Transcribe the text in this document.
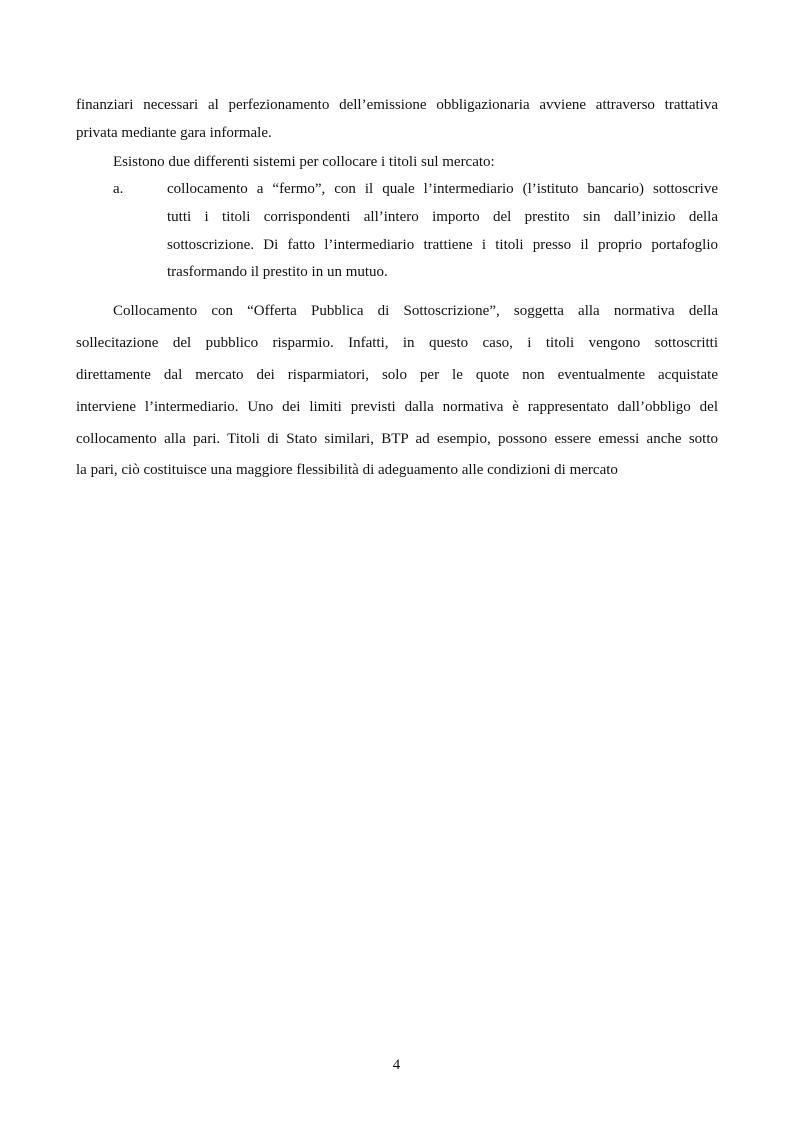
finanziari necessari al perfezionamento dell’emissione obbligazionaria avviene attraverso trattativa
privata mediante gara informale.
Esistono due differenti sistemi per collocare i titoli sul mercato:
a.	collocamento a “fermo”, con il quale l’intermediario (l’istituto bancario) sottoscrive
tutti i titoli corrispondenti all’intero importo del prestito sin dall’inizio della
sottoscrizione. Di fatto l’intermediario trattiene i titoli presso il proprio portafoglio
trasformando il prestito in un mutuo.
Collocamento con “Offerta Pubblica di Sottoscrizione”, soggetta alla normativa della
sollecitazione del pubblico risparmio. Infatti, in questo caso, i titoli vengono sottoscritti
direttamente dal mercato dei risparmiatori, solo per le quote non eventualmente acquistate
interviene l’intermediario. Uno dei limiti previsti dalla normativa è rappresentato dall’obbligo del
collocamento alla pari. Titoli di Stato similari, BTP ad esempio, possono essere emessi anche sotto
la pari, ciò costituisce una maggiore flessibilità di adeguamento alle condizioni di mercato
4
